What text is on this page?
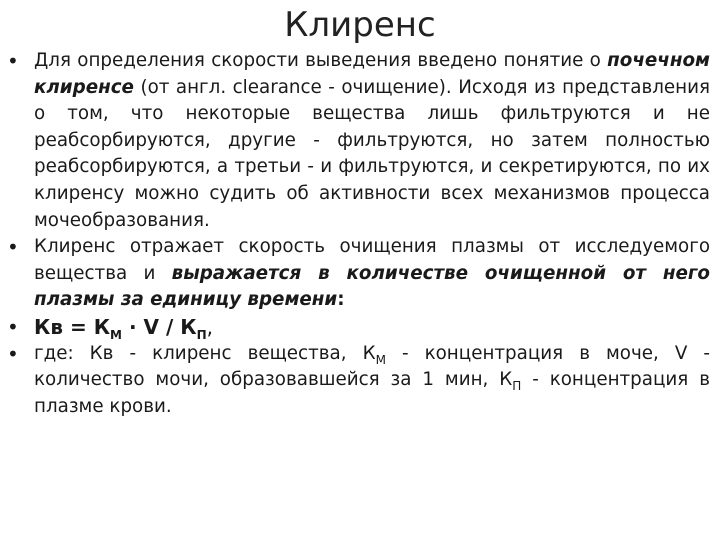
Клиренс
• Для определения скорости выведения введено понятие о почечном клиренсе (от англ. clearance - очищение). Исходя из представления о том, что некоторые вещества лишь фильтруются и не реабсорбируются, другие - фильтруются, но затем полностью реабсорбируются, а третьи - и фильтруются, и секретируются, по их клиренсу можно судить об активности всех механизмов процесса мочеобразования.
• Клиренс отражает скорость очищения плазмы от исследуемого вещества и выражается в количестве очищенной от него плазмы за единицу времени:
• Кв = $К_M \cdot V / К_П$,
• где: Кв - клиренс вещества, $К_М$ - концентрация в моче, V - количество мочи, образовавшейся за 1 мин, $К_П$ - концентрация в плазме крови.
